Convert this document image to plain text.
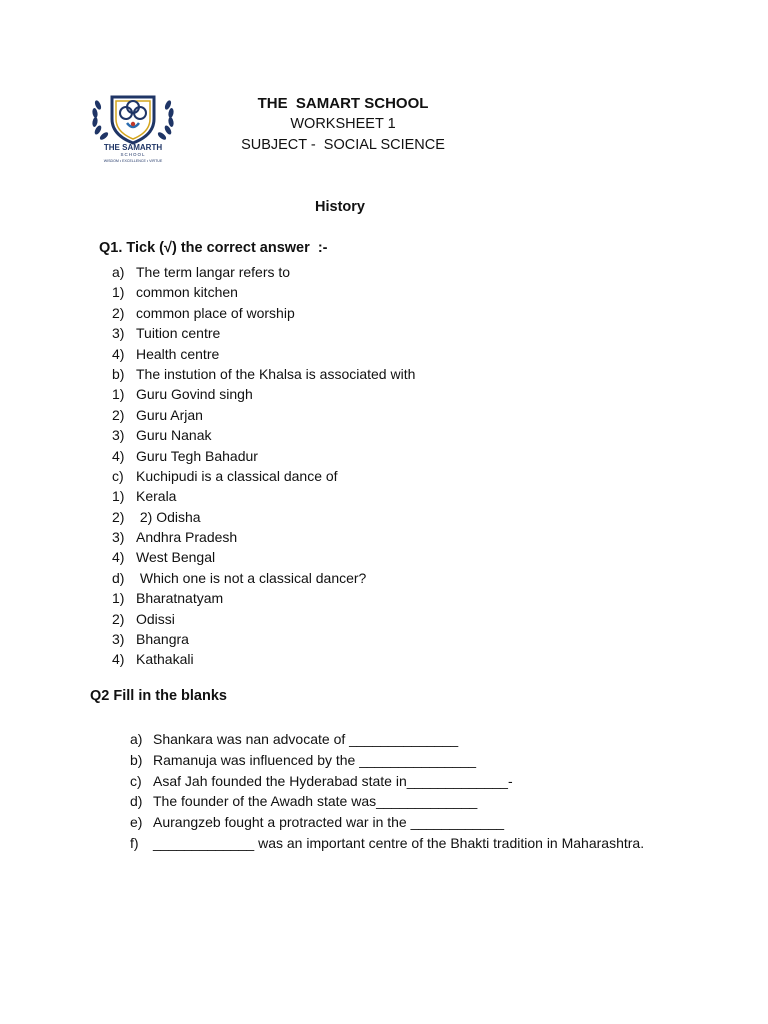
THE SAMARTH
SCHOOL
WISDOM • EXCELLENCE • VIRTUE
THE  SAMART SCHOOL
WORKSHEET 1
SUBJECT -  SOCIAL SCIENCE
History
Q1. Tick (√) the correct answer  :-
a) The term langar refers to
1) common kitchen
2) common place of worship
3) Tuition centre
4) Health centre
b) The instution of the Khalsa is associated with
1) Guru Govind singh
2) Guru Arjan
3) Guru Nanak
4) Guru Tegh Bahadur
c) Kuchipudi is a classical dance of
1) Kerala
2) 2) Odisha
3) Andhra Pradesh
4) West Bengal
d) Which one is not a classical dancer?
1) Bharatnatyam
2) Odissi
3) Bhangra
4) Kathakali
Q2 Fill in the blanks
a) Shankara was nan advocate of ______________
b) Ramanuja was influenced by the _______________
c) Asaf Jah founded the Hyderabad state in_____________-
d) The founder of the Awadh state was_____________
e) Aurangzeb fought a protracted war in the ____________
f)	_____________ was an important centre of the Bhakti tradition in Maharashtra.
